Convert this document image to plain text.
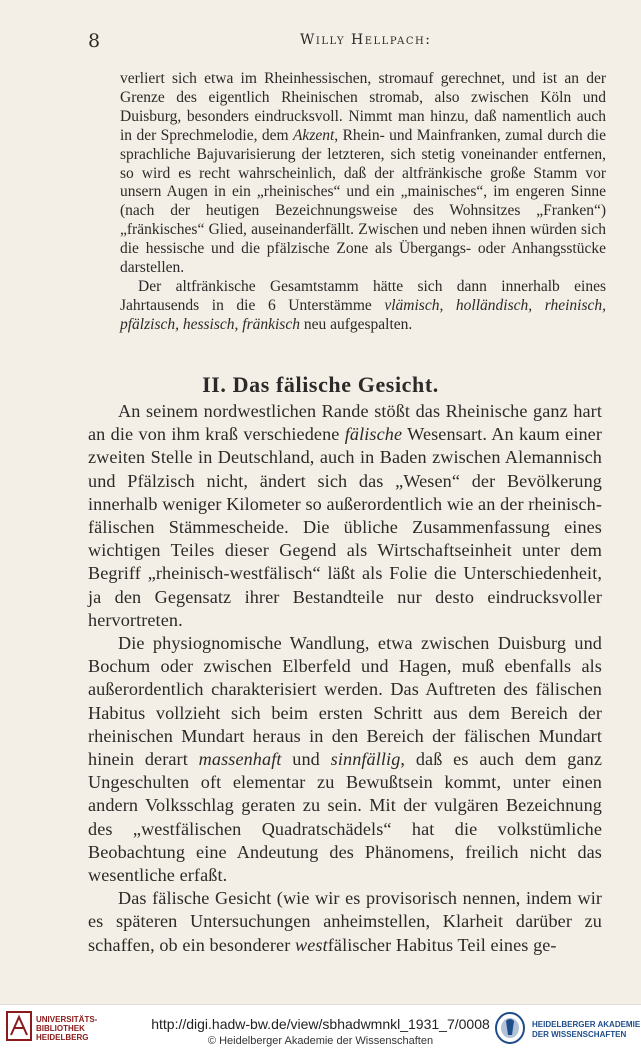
8	Willy Hellpach:

verliert sich etwa im Rheinhessischen, stromauf gerechnet, und ist an der Grenze des eigentlich Rheinischen stromab, also zwischen Köln und Duisburg, besonders eindrucksvoll. Nimmt man hinzu, daß namentlich auch in der Sprechmelodie, dem Akzent, Rhein- und Mainfranken, zumal durch die sprachliche Bajuvarisierung der letzteren, sich stetig voneinander entfernen, so wird es recht wahrscheinlich, daß der altfränkische große Stamm vor unsern Augen in ein „rheinisches“ und ein „mainisches“, im engeren Sinne (nach der heutigen Bezeichnungsweise des Wohnsitzes „Franken“) „fränkisches“ Glied, auseinanderfällt. Zwischen und neben ihnen würden sich die hessische und die pfälzische Zone als Übergangs- oder Anhangsstücke darstellen.

Der altfränkische Gesamtstamm hätte sich dann innerhalb eines Jahrtausends in die 6 Unterstämme vlämisch, holländisch, rheinisch, pfälzisch, hessisch, fränkisch neu aufgespalten.

II. Das fälische Gesicht.

An seinem nordwestlichen Rande stößt das Rheinische ganz hart an die von ihm kraß verschiedene fälische Wesensart. An kaum einer zweiten Stelle in Deutschland, auch in Baden zwischen Alemannisch und Pfälzisch nicht, ändert sich das „Wesen“ der Bevölkerung innerhalb weniger Kilometer so außerordentlich wie an der rheinisch-fälischen Stämmescheide. Die übliche Zusammenfassung eines wichtigen Teiles dieser Gegend als Wirtschaftseinheit unter dem Begriff „rheinisch-westfälisch“ läßt als Folie die Unterschiedenheit, ja den Gegensatz ihrer Bestandteile nur desto eindrucksvoller hervortreten.

Die physiognomische Wandlung, etwa zwischen Duisburg und Bochum oder zwischen Elberfeld und Hagen, muß ebenfalls als außerordentlich charakterisiert werden. Das Auftreten des fälischen Habitus vollzieht sich beim ersten Schritt aus dem Bereich der rheinischen Mundart heraus in den Bereich der fälischen Mundart hinein derart massenhaft und sinnfällig, daß es auch dem ganz Ungeschulten oft elementar zu Bewußtsein kommt, unter einen andern Volksschlag geraten zu sein. Mit der vulgären Bezeichnung des „westfälischen Quadratschädels“ hat die volkstümliche Beobachtung eine Andeutung des Phänomens, freilich nicht das wesentliche erfaßt.

Das fälische Gesicht (wie wir es provisorisch nennen, indem wir es späteren Untersuchungen anheimstellen, Klarheit darüber zu schaffen, ob ein besonderer westfälischer Habitus Teil eines ge-

UNIVERSITÄTS-
BIBLIOTHEK
HEIDELBERG
http://digi.hadw-bw.de/view/sbhadwmnkl_1931_7/0008
© Heidelberger Akademie der Wissenschaften
HEIDELBERGER AKADEMIE
DER WISSENSCHAFTEN
